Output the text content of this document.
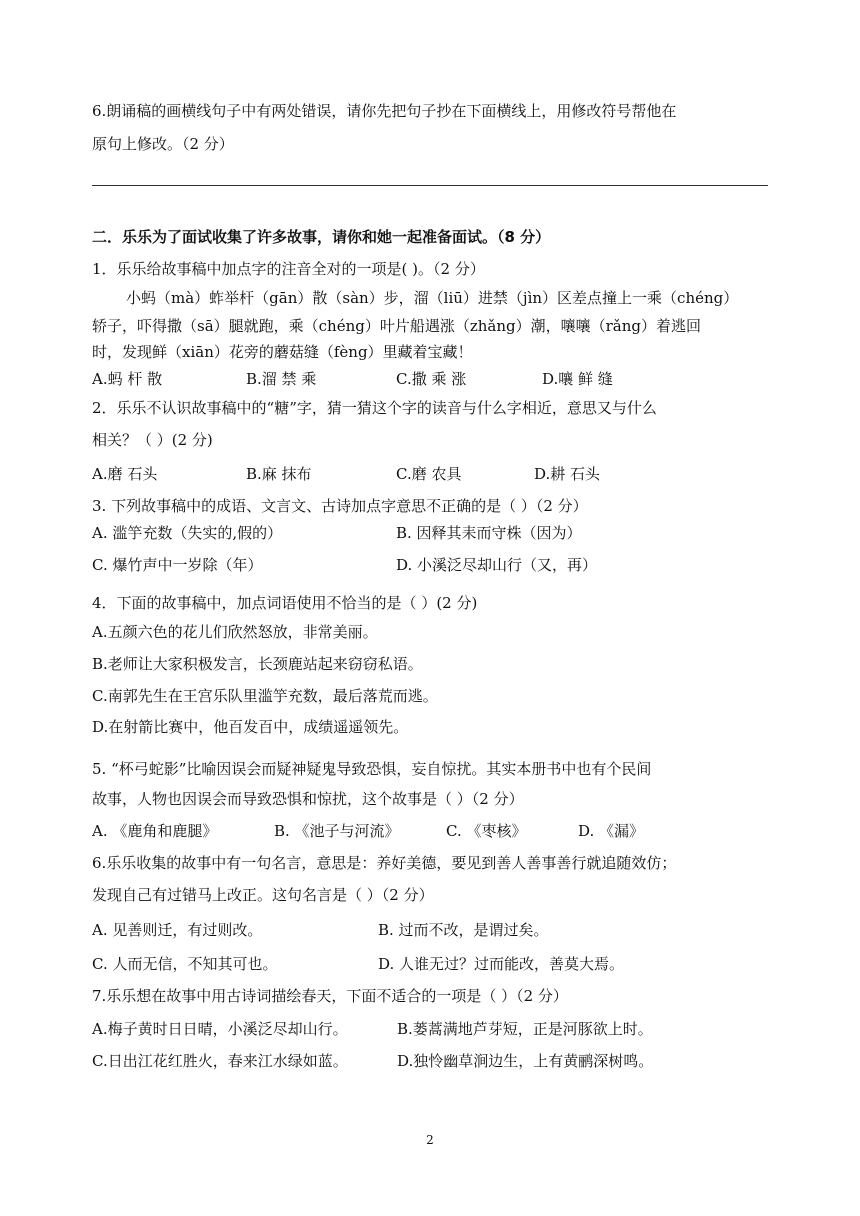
6.朗诵稿的画横线句子中有两处错误，请你先把句子抄在下面横线上，用修改符号帮他在
原句上修改。（2 分）
二．乐乐为了面试收集了许多故事，请你和她一起准备面试。（8 分）
1．乐乐给故事稿中加点字的注音全对的一项是( )。（2 分）
小蚂（mà）蚱举杆（gān）散（sàn）步，溜（liū）进禁（jìn）区差点撞上一乘（chéng）
轿子，吓得撒（sā）腿就跑，乘（chéng）叶片船遇涨（zhǎng）潮，嚷嚷（rǎng）着逃回
时，发现鲜（xiān）花旁的蘑菇缝（fèng）里藏着宝藏！
A.蚂 杆 散	B.溜 禁 乘	C.撒 乘 涨	D.嚷 鲜 缝
2．乐乐不认识故事稿中的“糖”字，猜一猜这个字的读音与什么字相近，意思又与什么
相关？（ ）(2 分)
A.磨 石头	B.麻 抹布	C.磨 农具	D.耕 石头
3. 下列故事稿中的成语、文言文、古诗加点字意思不正确的是（ ）（2 分）
A. 滥竽充数（失实的,假的）	B. 因释其耒而守株（因为）
C. 爆竹声中一岁除（年）	D. 小溪泛尽却山行（又，再）
4．下面的故事稿中，加点词语使用不恰当的是（ ）(2 分)
A.五颜六色的花儿们欣然怒放，非常美丽。
B.老师让大家积极发言，长颈鹿站起来窃窃私语。
C.南郭先生在王宫乐队里滥竽充数，最后落荒而逃。
D.在射箭比赛中，他百发百中，成绩遥遥领先。
5. “杯弓蛇影”比喻因误会而疑神疑鬼导致恐惧，妄自惊扰。其实本册书中也有个民间
故事，人物也因误会而导致恐惧和惊扰，这个故事是（ ）（2 分）
A. 《鹿角和鹿腿》	B. 《池子与河流》	C. 《枣核》	D. 《漏》
6.乐乐收集的故事中有一句名言，意思是：养好美德，要见到善人善事善行就追随效仿；
发现自己有过错马上改正。这句名言是（ ）（2 分）
A. 见善则迁，有过则改。	B. 过而不改，是谓过矣。
C. 人而无信，不知其可也。	D. 人谁无过？过而能改，善莫大焉。
7.乐乐想在故事中用古诗词描绘春天，下面不适合的一项是（ ）（2 分）
A.梅子黄时日日晴，小溪泛尽却山行。	B.蒌蒿满地芦芽短，正是河豚欲上时。
C.日出江花红胜火，春来江水绿如蓝。	D.独怜幽草涧边生，上有黄鹂深树鸣。
2
